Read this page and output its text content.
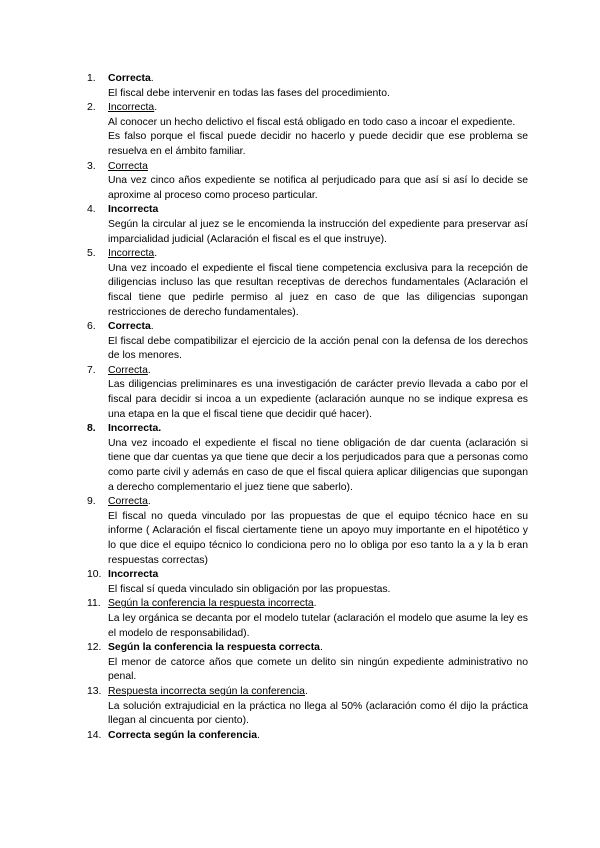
1.	Correcta.
El fiscal debe intervenir en todas las fases del procedimiento.
2.	Incorrecta.
Al conocer un hecho delictivo el fiscal está obligado en todo caso a incoar el expediente.
Es falso porque el fiscal puede decidir no hacerlo y puede decidir que ese problema se resuelva en el ámbito familiar.
3.	Correcta
Una vez cinco años expediente se notifica al perjudicado para que así si así lo decide se aproxime al proceso como proceso particular.
4.	Incorrecta
Según la circular al juez se le encomienda la instrucción del expediente para preservar así imparcialidad judicial (Aclaración el fiscal es el que instruye).
5.	Incorrecta.
Una vez incoado el expediente el fiscal tiene competencia exclusiva para la recepción de diligencias incluso las que resultan receptivas de derechos fundamentales (Aclaración el fiscal tiene que pedirle permiso al juez en caso de que las diligencias supongan restricciones de derecho fundamentales).
6.	Correcta.
El fiscal debe compatibilizar el ejercicio de la acción penal con la defensa de los derechos de los menores.
7.	Correcta.
Las diligencias preliminares es una investigación de carácter previo llevada a cabo por el fiscal para decidir si incoa a un expediente (aclaración aunque no se indique expresa es una etapa en la que el fiscal tiene que decidir qué hacer).
8.	Incorrecta.
Una vez incoado el expediente el fiscal no tiene obligación de dar cuenta (aclaración si tiene que dar cuentas ya que tiene que decir a los perjudicados para que a personas como como parte civil y además en caso de que el fiscal quiera aplicar diligencias que supongan a derecho complementario el juez tiene que saberlo).
9.	Correcta.
El fiscal no queda vinculado por las propuestas de que el equipo técnico hace en su informe ( Aclaración el fiscal ciertamente tiene un apoyo muy importante en el hipotético y lo que dice el equipo técnico lo condiciona pero no lo obliga por eso tanto la a y la b eran respuestas correctas)
10. Incorrecta
El fiscal sí queda vinculado sin obligación por las propuestas.
11. Según la conferencia la respuesta incorrecta.
La ley orgánica se decanta por el modelo tutelar (aclaración el modelo que asume la ley es el modelo de responsabilidad).
12. Según la conferencia la respuesta correcta.
El menor de catorce años que comete un delito sin ningún expediente administrativo no penal.
13. Respuesta incorrecta según la conferencia.
La solución extrajudicial en la práctica no llega al 50% (aclaración como él dijo la práctica llegan al cincuenta por ciento).
14. Correcta según la conferencia.
